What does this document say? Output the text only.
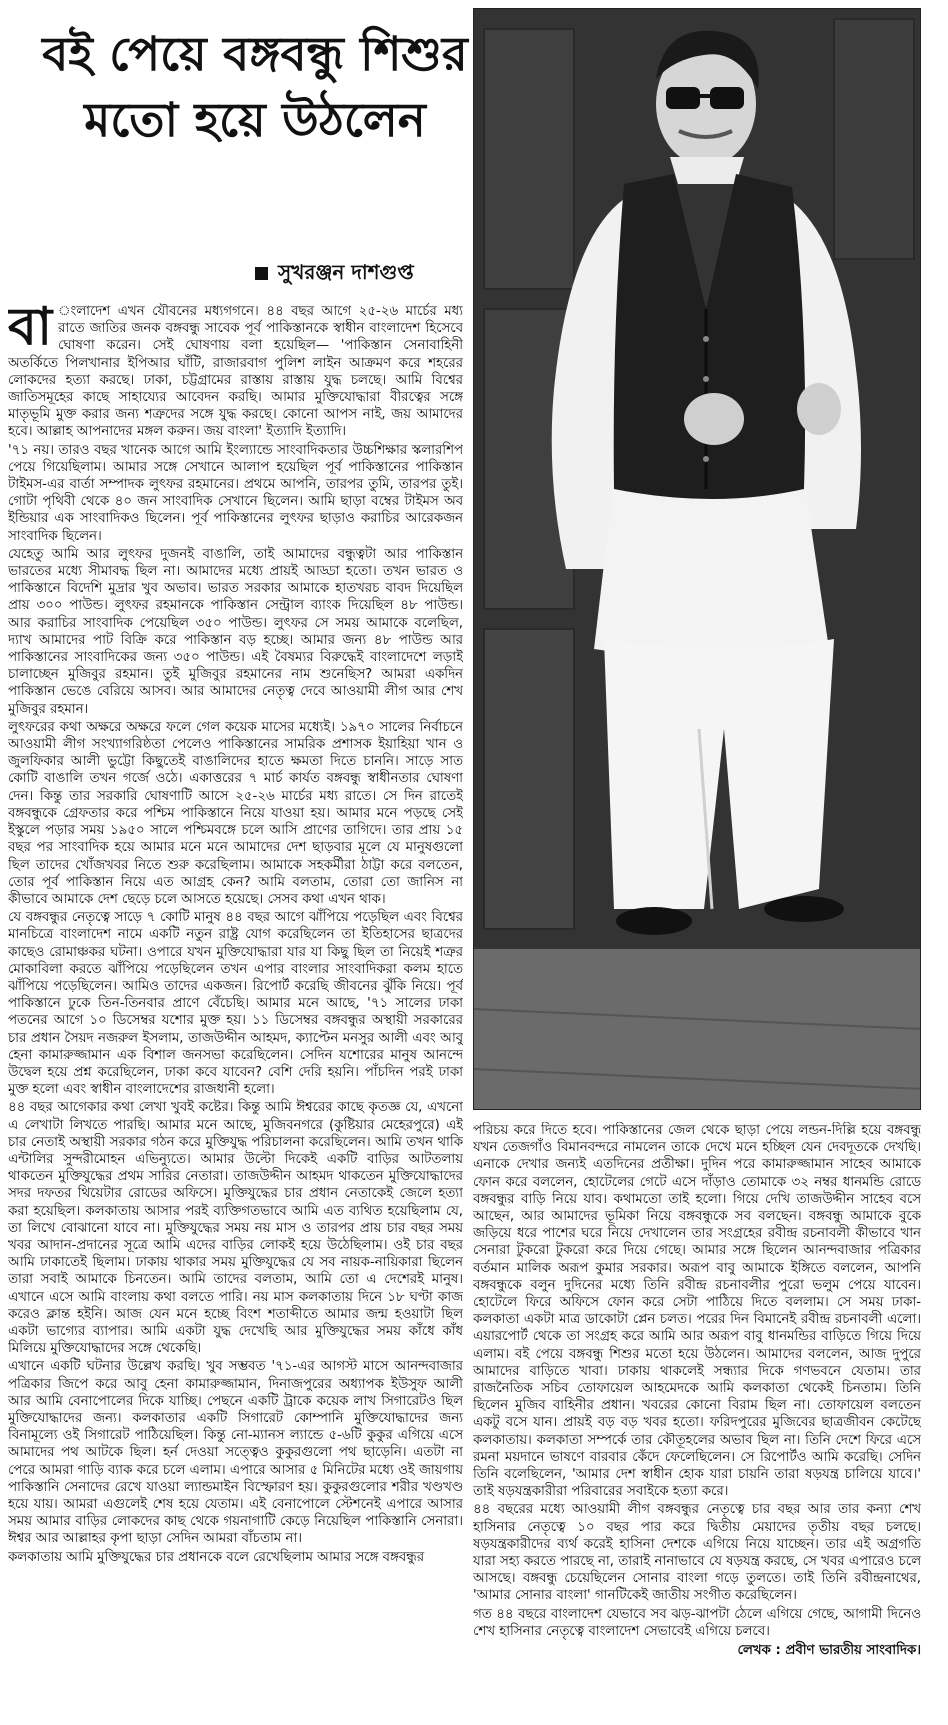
বই পেয়ে বঙ্গবন্ধু শিশুর মতো হয়ে উঠলেন
সুখরঞ্জন দাশগুপ্ত

বা ংলাদেশ এখন যৌবনের মধ্যগগনে। ৪৪ বছর আগে ২৫-২৬ মার্চের মধ্য রাতে জাতির জনক বঙ্গবন্ধু সাবেক পূর্ব পাকিস্তানকে স্বাধীন বাংলাদেশ হিসেবে ঘোষণা করেন। সেই ঘোষণায় বলা হয়েছিল— 'পাকিস্তান সেনাবাহিনী অতর্কিতে পিলখানার ইপিআর ঘাঁটি, রাজারবাগ পুলিশ লাইন আক্রমণ করে শহরের লোকদের হত্যা করছে। ঢাকা, চট্টগ্রামের রাস্তায় রাস্তায় যুদ্ধ চলছে। আমি বিশ্বের জাতিসমূহের কাছে সাহায্যের আবেদন করছি। আমার মুক্তিযোদ্ধারা বীরত্বের সঙ্গে মাতৃভূমি মুক্ত করার জন্য শত্রুদের সঙ্গে যুদ্ধ করছে। কোনো আপস নাই, জয় আমাদের হবে। আল্লাহ আপনাদের মঙ্গল করুন। জয় বাংলা' ইত্যাদি ইত্যাদি।

'৭১ নয়। তারও বছর খানেক আগে আমি ইংল্যান্ডে সাংবাদিকতার উচ্চশিক্ষার স্কলারশিপ পেয়ে গিয়েছিলাম। আমার সঙ্গে সেখানে আলাপ হয়েছিল পূর্ব পাকিস্তানের পাকিস্তান টাইমস-এর বার্তা সম্পাদক লুৎফর রহমানের। প্রথমে আপনি, তারপর তুমি, তারপর তুই। গোটা পৃথিবী থেকে ৪০ জন সাংবাদিক সেখানে ছিলেন। আমি ছাড়া বম্বের টাইমস অব ইন্ডিয়ার এক সাংবাদিকও ছিলেন। পূর্ব পাকিস্তানের লুৎফর ছাড়াও করাচির আরেকজন সাংবাদিক ছিলেন।

যেহেতু আমি আর লুৎফর দুজনই বাঙালি, তাই আমাদের বন্ধুত্বটা আর পাকিস্তান ভারতের মধ্যে সীমাবদ্ধ ছিল না। আমাদের মধ্যে প্রায়ই আড্ডা হতো। তখন ভারত ও পাকিস্তানে বিদেশি মুদ্রার খুব অভাব। ভারত সরকার আমাকে হাতখরচ বাবদ দিয়েছিল প্রায় ৩০০ পাউন্ড। লুৎফর রহমানকে পাকিস্তান সেন্ট্রাল ব্যাংক দিয়েছিল ৪৮ পাউন্ড। আর করাচির সাংবাদিক পেয়েছিল ৩৫০ পাউন্ড। লুৎফর সে সময় আমাকে বলেছিল, দ্যাখ আমাদের পাট বিক্রি করে পাকিস্তান বড় হচ্ছে। আমার জন্য ৪৮ পাউন্ড আর পাকিস্তানের সাংবাদিকের জন্য ৩৫০ পাউন্ড। এই বৈষম্যর বিরুদ্ধেই বাংলাদেশে লড়াই চালাচ্ছেন মুজিবুর রহমান। তুই মুজিবুর রহমানের নাম শুনেছিস? আমরা একদিন পাকিস্তান ভেঙে বেরিয়ে আসব। আর আমাদের নেতৃত্ব দেবে আওয়ামী লীগ আর শেখ মুজিবুর রহমান।

লুৎফরের কথা অক্ষরে অক্ষরে ফলে গেল কয়েক মাসের মধ্যেই। ১৯৭০ সালের নির্বাচনে আওয়ামী লীগ সংখ্যাগরিষ্ঠতা পেলেও পাকিস্তানের সামরিক প্রশাসক ইয়াহিয়া খান ও জুলফিকার আলী ভুট্টো কিছুতেই বাঙালিদের হাতে ক্ষমতা দিতে চাননি। সাড়ে সাত কোটি বাঙালি তখন গর্জে ওঠে। একাত্তরের ৭ মার্চ কার্যত বঙ্গবন্ধু স্বাধীনতার ঘোষণা দেন। কিন্তু তার সরকারি ঘোষণাটি আসে ২৫-২৬ মার্চের মধ্য রাতে। সে দিন রাতেই বঙ্গবন্ধুকে গ্রেফতার করে পশ্চিম পাকিস্তানে নিয়ে যাওয়া হয়। আমার মনে পড়ছে সেই ইস্কুলে পড়ার সময় ১৯৫০ সালে পশ্চিমবঙ্গে চলে আসি প্রাণের তাগিদে। তার প্রায় ১৫ বছর পর সাংবাদিক হয়ে আমার মনে মনে আমাদের দেশ ছাড়বার মূলে যে মানুষগুলো ছিল তাদের খোঁজখবর নিতে শুরু করেছিলাম। আমাকে সহকর্মীরা ঠাট্টা করে বলতেন, তোর পূর্ব পাকিস্তান নিয়ে এত আগ্রহ কেন? আমি বলতাম, তোরা তো জানিস না কীভাবে আমাকে দেশ ছেড়ে চলে আসতে হয়েছে। সেসব কথা এখন থাক।

যে বঙ্গবন্ধুর নেতৃত্বে সাড়ে ৭ কোটি মানুষ ৪৪ বছর আগে ঝাঁপিয়ে পড়েছিল এবং বিশ্বের মানচিত্রে বাংলাদেশ নামে একটি নতুন রাষ্ট্র যোগ করেছিলেন তা ইতিহাসের ছাত্রদের কাছেও রোমাঞ্চকর ঘটনা। ওপারে যখন মুক্তিযোদ্ধারা যার যা কিছু ছিল তা নিয়েই শত্রুর মোকাবিলা করতে ঝাঁপিয়ে পড়েছিলেন তখন এপার বাংলার সাংবাদিকরা কলম হাতে ঝাঁপিয়ে পড়েছিলেন। আমিও তাদের একজন। রিপোর্ট করেছি জীবনের ঝুঁকি নিয়ে। পূর্ব পাকিস্তানে ঢুকে তিন-তিনবার প্রাণে বেঁচেছি। আমার মনে আছে, '৭১ সালের ঢাকা পতনের আগে ১০ ডিসেম্বর যশোর মুক্ত হয়। ১১ ডিসেম্বর বঙ্গবন্ধুর অস্থায়ী সরকারের চার প্রধান সৈয়দ নজরুল ইসলাম, তাজউদ্দীন আহমদ, ক্যাপ্টেন মনসুর আলী এবং আবু হেনা কামারুজ্জামান এক বিশাল জনসভা করেছিলেন। সেদিন যশোরের মানুষ আনন্দে উদ্বেল হয়ে প্রশ্ন করেছিলেন, ঢাকা কবে যাবেন? বেশি দেরি হয়নি। পাঁচদিন পরই ঢাকা মুক্ত হলো এবং স্বাধীন বাংলাদেশের রাজধানী হলো।

৪৪ বছর আগেকার কথা লেখা খুবই কষ্টের। কিন্তু আমি ঈশ্বরের কাছে কৃতজ্ঞ যে, এখনো এ লেখাটা লিখতে পারছি। আমার মনে আছে, মুজিবনগরে (কুষ্টিয়ার মেহেরপুরে) এই চার নেতাই অস্থায়ী সরকার গঠন করে মুক্তিযুদ্ধ পরিচালনা করেছিলেন। আমি তখন থাকি এন্টালির সুন্দরীমোহন এভিন্যুতে। আমার উল্টো দিকেই একটি বাড়ির আটতলায় থাকতেন মুক্তিযুদ্ধের প্রথম সারির নেতারা। তাজউদ্দীন আহমদ থাকতেন মুক্তিযোদ্ধাদের সদর দফতর থিয়েটার রোডের অফিসে। মুক্তিযুদ্ধের চার প্রধান নেতাকেই জেলে হত্যা করা হয়েছিল। কলকাতায় আসার পরই ব্যক্তিগতভাবে আমি এত ব্যথিত হয়েছিলাম যে, তা লিখে বোঝানো যাবে না। মুক্তিযুদ্ধের সময় নয় মাস ও তারপর প্রায় চার বছর সময় খবর আদান-প্রদানের সূত্রে আমি এদের বাড়ির লোকই হয়ে উঠেছিলাম। ওই চার বছর আমি ঢাকাতেই ছিলাম। ঢাকায় থাকার সময় মুক্তিযুদ্ধের যে সব নায়ক-নায়িকারা ছিলেন তারা সবাই আমাকে চিনতেন। আমি তাদের বলতাম, আমি তো এ দেশেরই মানুষ। এখানে এসে আমি বাংলায় কথা বলতে পারি। নয় মাস কলকাতায় দিনে ১৮ ঘণ্টা কাজ করেও ক্লান্ত হইনি। আজ যেন মনে হচ্ছে বিংশ শতাব্দীতে আমার জন্ম হওয়াটা ছিল একটা ভাগ্যের ব্যাপার। আমি একটা যুদ্ধ দেখেছি আর মুক্তিযুদ্ধের সময় কাঁধে কাঁধ মিলিয়ে মুক্তিযোদ্ধাদের সঙ্গে থেকেছি।

এখানে একটি ঘটনার উল্লেখ করছি। খুব সম্ভবত '৭১-এর আগস্ট মাসে আনন্দবাজার পত্রিকার জিপে করে আবু হেনা কামারুজ্জামান, দিনাজপুরের অধ্যাপক ইউসুফ আলী আর আমি বেনাপোলের দিকে যাচ্ছি। পেছনে একটি ট্রাকে কয়েক লাখ সিগারেটও ছিল মুক্তিযোদ্ধাদের জন্য। কলকাতার একটি সিগারেট কোম্পানি মুক্তিযোদ্ধাদের জন্য বিনামূল্যে ওই সিগারেট পাঠিয়েছিল। কিন্তু নো-ম্যানস ল্যান্ডে ৫-৬টি কুকুর এগিয়ে এসে আমাদের পথ আটকে ছিল। হর্ন দেওয়া সত্ত্বেও কুকুরগুলো পথ ছাড়েনি। এতটা না পেরে আমরা গাড়ি ব্যাক করে চলে এলাম। এপারে আসার ৫ মিনিটের মধ্যে ওই জায়গায় পাকিস্তানি সেনাদের রেখে যাওয়া ল্যান্ডমাইন বিস্ফোরণ হয়। কুকুরগুলোর শরীর খণ্ডখণ্ড হয়ে যায়। আমরা এগুলেই শেষ হয়ে যেতাম। এই বেনাপোলে স্টেশনেই এপারে আসার সময় আমার বাড়ির লোকদের কাছ থেকে গয়নাগাটি কেড়ে নিয়েছিল পাকিস্তানি সেনারা। ঈশ্বর আর আল্লাহর কৃপা ছাড়া সেদিন আমরা বাঁচতাম না।

কলকাতায় আমি মুক্তিযুদ্ধের চার প্রধানকে বলে রেখেছিলাম আমার সঙ্গে বঙ্গবন্ধুর

পরিচয় করে দিতে হবে। পাকিস্তানের জেল থেকে ছাড়া পেয়ে লন্ডন-দিল্লি হয়ে বঙ্গবন্ধু যখন তেজগাঁও বিমানবন্দরে নামলেন তাকে দেখে মনে হচ্ছিল যেন দেবদূতকে দেখছি। এনাকে দেখার জন্যই এতদিনের প্রতীক্ষা। দুদিন পরে কামারুজ্জামান সাহেব আমাকে ফোন করে বললেন, হোটেলের গেটে এসে দাঁড়াও তোমাকে ৩২ নম্বর ধানমন্ডি রোডে বঙ্গবন্ধুর বাড়ি নিয়ে যাব। কথামতো তাই হলো। গিয়ে দেখি তাজউদ্দীন সাহেব বসে আছেন, আর আমাদের ভূমিকা নিয়ে বঙ্গবন্ধুকে সব বলছেন। বঙ্গবন্ধু আমাকে বুকে জড়িয়ে ধরে পাশের ঘরে নিয়ে দেখালেন তার সংগ্রহের রবীন্দ্র রচনাবলী কীভাবে খান সেনারা টুকরো টুকরো করে দিয়ে গেছে। আমার সঙ্গে ছিলেন আনন্দবাজার পত্রিকার বর্তমান মালিক অরূপ কুমার সরকার। অরূপ বাবু আমাকে ইঙ্গিতে বললেন, আপনি বঙ্গবন্ধুকে বলুন দুদিনের মধ্যে তিনি রবীন্দ্র রচনাবলীর পুরো ভলুম পেয়ে যাবেন। হোটেলে ফিরে অফিসে ফোন করে সেটা পাঠিয়ে দিতে বললাম। সে সময় ঢাকা-কলকাতা একটা মাত্র ডাকোটা প্লেন চলত। পরের দিন বিমানেই রবীন্দ্র রচনাবলী এলো। এয়ারপোর্ট থেকে তা সংগ্রহ করে আমি আর অরূপ বাবু ধানমন্ডির বাড়িতে গিয়ে দিয়ে এলাম। বই পেয়ে বঙ্গবন্ধু শিশুর মতো হয়ে উঠলেন। আমাদের বললেন, আজ দুপুরে আমাদের বাড়িতে খাবা। ঢাকায় থাকলেই সন্ধ্যার দিকে গণভবনে যেতাম। তার রাজনৈতিক সচিব তোফায়েল আহমেদকে আমি কলকাতা থেকেই চিনতাম। তিনি ছিলেন মুজিব বাহিনীর প্রধান। খবরের কোনো বিরাম ছিল না। তোফায়েল বলতেন একটু বসে যান। প্রায়ই বড় বড় খবর হতো। ফরিদপুরের মুজিবের ছাত্রজীবন কেটেছে কলকাতায়। কলকাতা সম্পর্কে তার কৌতূহলের অভাব ছিল না। তিনি দেশে ফিরে এসে রমনা ময়দানে ভাষণে বারবার কেঁদে ফেলেছিলেন। সে রিপোর্টও আমি করেছি। সেদিন তিনি বলেছিলেন, 'আমার দেশ স্বাধীন হোক যারা চায়নি তারা ষড়যন্ত্র চালিয়ে যাবে।' তাই ষড়যন্ত্রকারীরা পরিবারের সবাইকে হত্যা করে।

৪৪ বছরের মধ্যে আওয়ামী লীগ বঙ্গবন্ধুর নেতৃত্বে চার বছর আর তার কন্যা শেখ হাসিনার নেতৃত্বে ১০ বছর পার করে দ্বিতীয় মেয়াদের তৃতীয় বছর চলছে। ষড়যন্ত্রকারীদের ব্যর্থ করেই হাসিনা দেশকে এগিয়ে নিয়ে যাচ্ছেন। তার এই অগ্রগতি যারা সহ্য করতে পারছে না, তারাই নানাভাবে যে ষড়যন্ত্র করছে, সে খবর এপারেও চলে আসছে। বঙ্গবন্ধু চেয়েছিলেন সোনার বাংলা গড়ে তুলতে। তাই তিনি রবীন্দ্রনাথের, 'আমার সোনার বাংলা' গানটিকেই জাতীয় সংগীত করেছিলেন।

গত ৪৪ বছরে বাংলাদেশ যেভাবে সব ঝড়-ঝাপটা ঠেলে এগিয়ে গেছে, আগামী দিনেও শেখ হাসিনার নেতৃত্বে বাংলাদেশ সেভাবেই এগিয়ে চলবে।

লেখক : প্রবীণ ভারতীয় সাংবাদিক।
